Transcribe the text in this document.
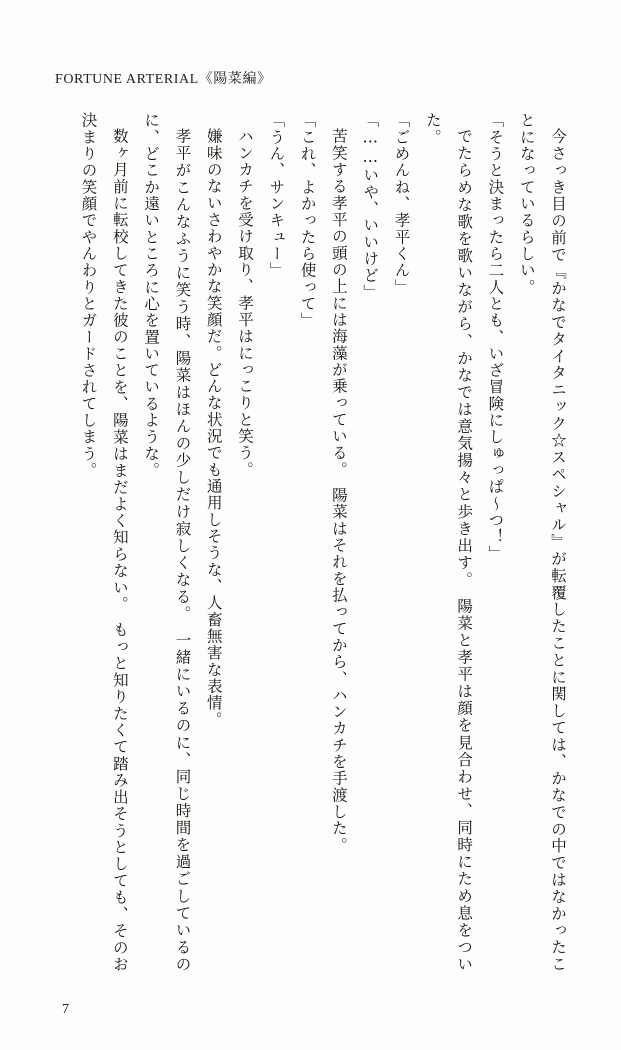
FORTUNE ARTERIAL《陽菜編》

今さっき目の前で『かなでタイタニック☆スペシャル』が転覆したことに関しては、かなでの中ではなかったことになっているらしい。

「そうと決まったら二人とも、いざ冒険にしゅっぱ〜つ！」

でたらめな歌を歌いながら、かなでは意気揚々と歩き出す。　陽菜と孝平は顔を見合わせ、同時にため息をついた。

「ごめんね、孝平くん」

「……いや、いいけど」

苦笑する孝平の頭の上には海藻が乗っている。　陽菜はそれを払ってから、ハンカチを手渡した。

「これ、よかったら使って」

「うん、サンキュー」

ハンカチを受け取り、孝平はにっこりと笑う。

嫌味のないさわやかな笑顔だ。どんな状況でも通用しそうな、人畜無害な表情。

孝平がこんなふうに笑う時、陽菜はほんの少しだけ寂しくなる。　一緒にいるのに、同じ時間を過ごしているのに、どこか遠いところに心を置いているような。

数ヶ月前に転校してきた彼のことを、陽菜はまだよく知らない。　もっと知りたくて踏み出そうとしても、そのお決まりの笑顔でやんわりとガードされてしまう。

7
